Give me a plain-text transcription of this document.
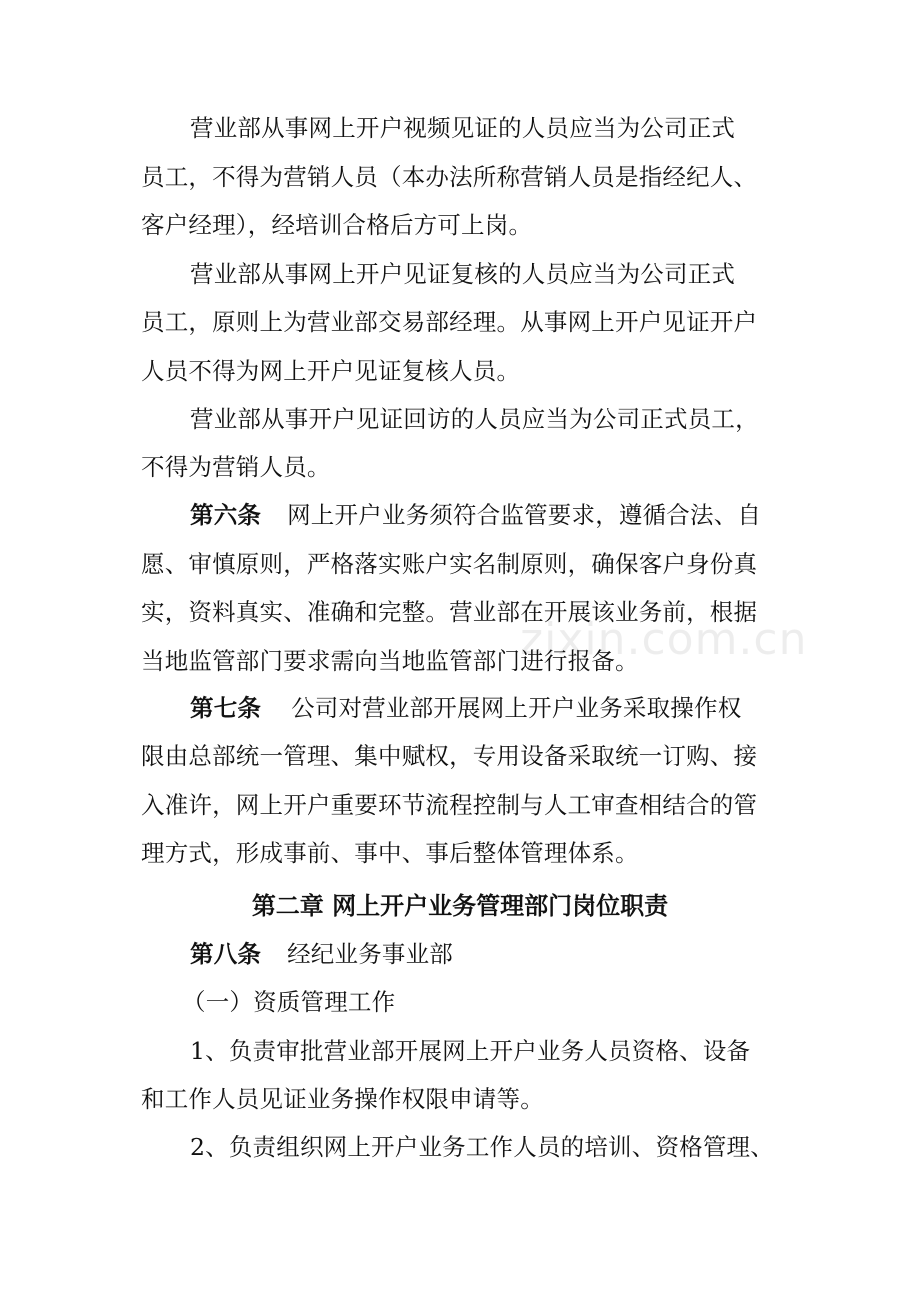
zixin.com.cn
营业部从事网上开户视频见证的人员应当为公司正式
员工，不得为营销人员（本办法所称营销人员是指经纪人、
客户经理），经培训合格后方可上岗。
营业部从事网上开户见证复核的人员应当为公司正式
员工，原则上为营业部交易部经理。从事网上开户见证开户
人员不得为网上开户见证复核人员。
营业部从事开户见证回访的人员应当为公司正式员工，
不得为营销人员。
第六条 网上开户业务须符合监管要求，遵循合法、自
愿、审慎原则，严格落实账户实名制原则，确保客户身份真
实，资料真实、准确和完整。营业部在开展该业务前，根据
当地监管部门要求需向当地监管部门进行报备。
第七条 公司对营业部开展网上开户业务采取操作权
限由总部统一管理、集中赋权，专用设备采取统一订购、接
入准许，网上开户重要环节流程控制与人工审查相结合的管
理方式，形成事前、事中、事后整体管理体系。
第二章 网上开户业务管理部门岗位职责
第八条 经纪业务事业部
（一）资质管理工作
1、负责审批营业部开展网上开户业务人员资格、设备
和工作人员见证业务操作权限申请等。
2、负责组织网上开户业务工作人员的培训、资格管理、
